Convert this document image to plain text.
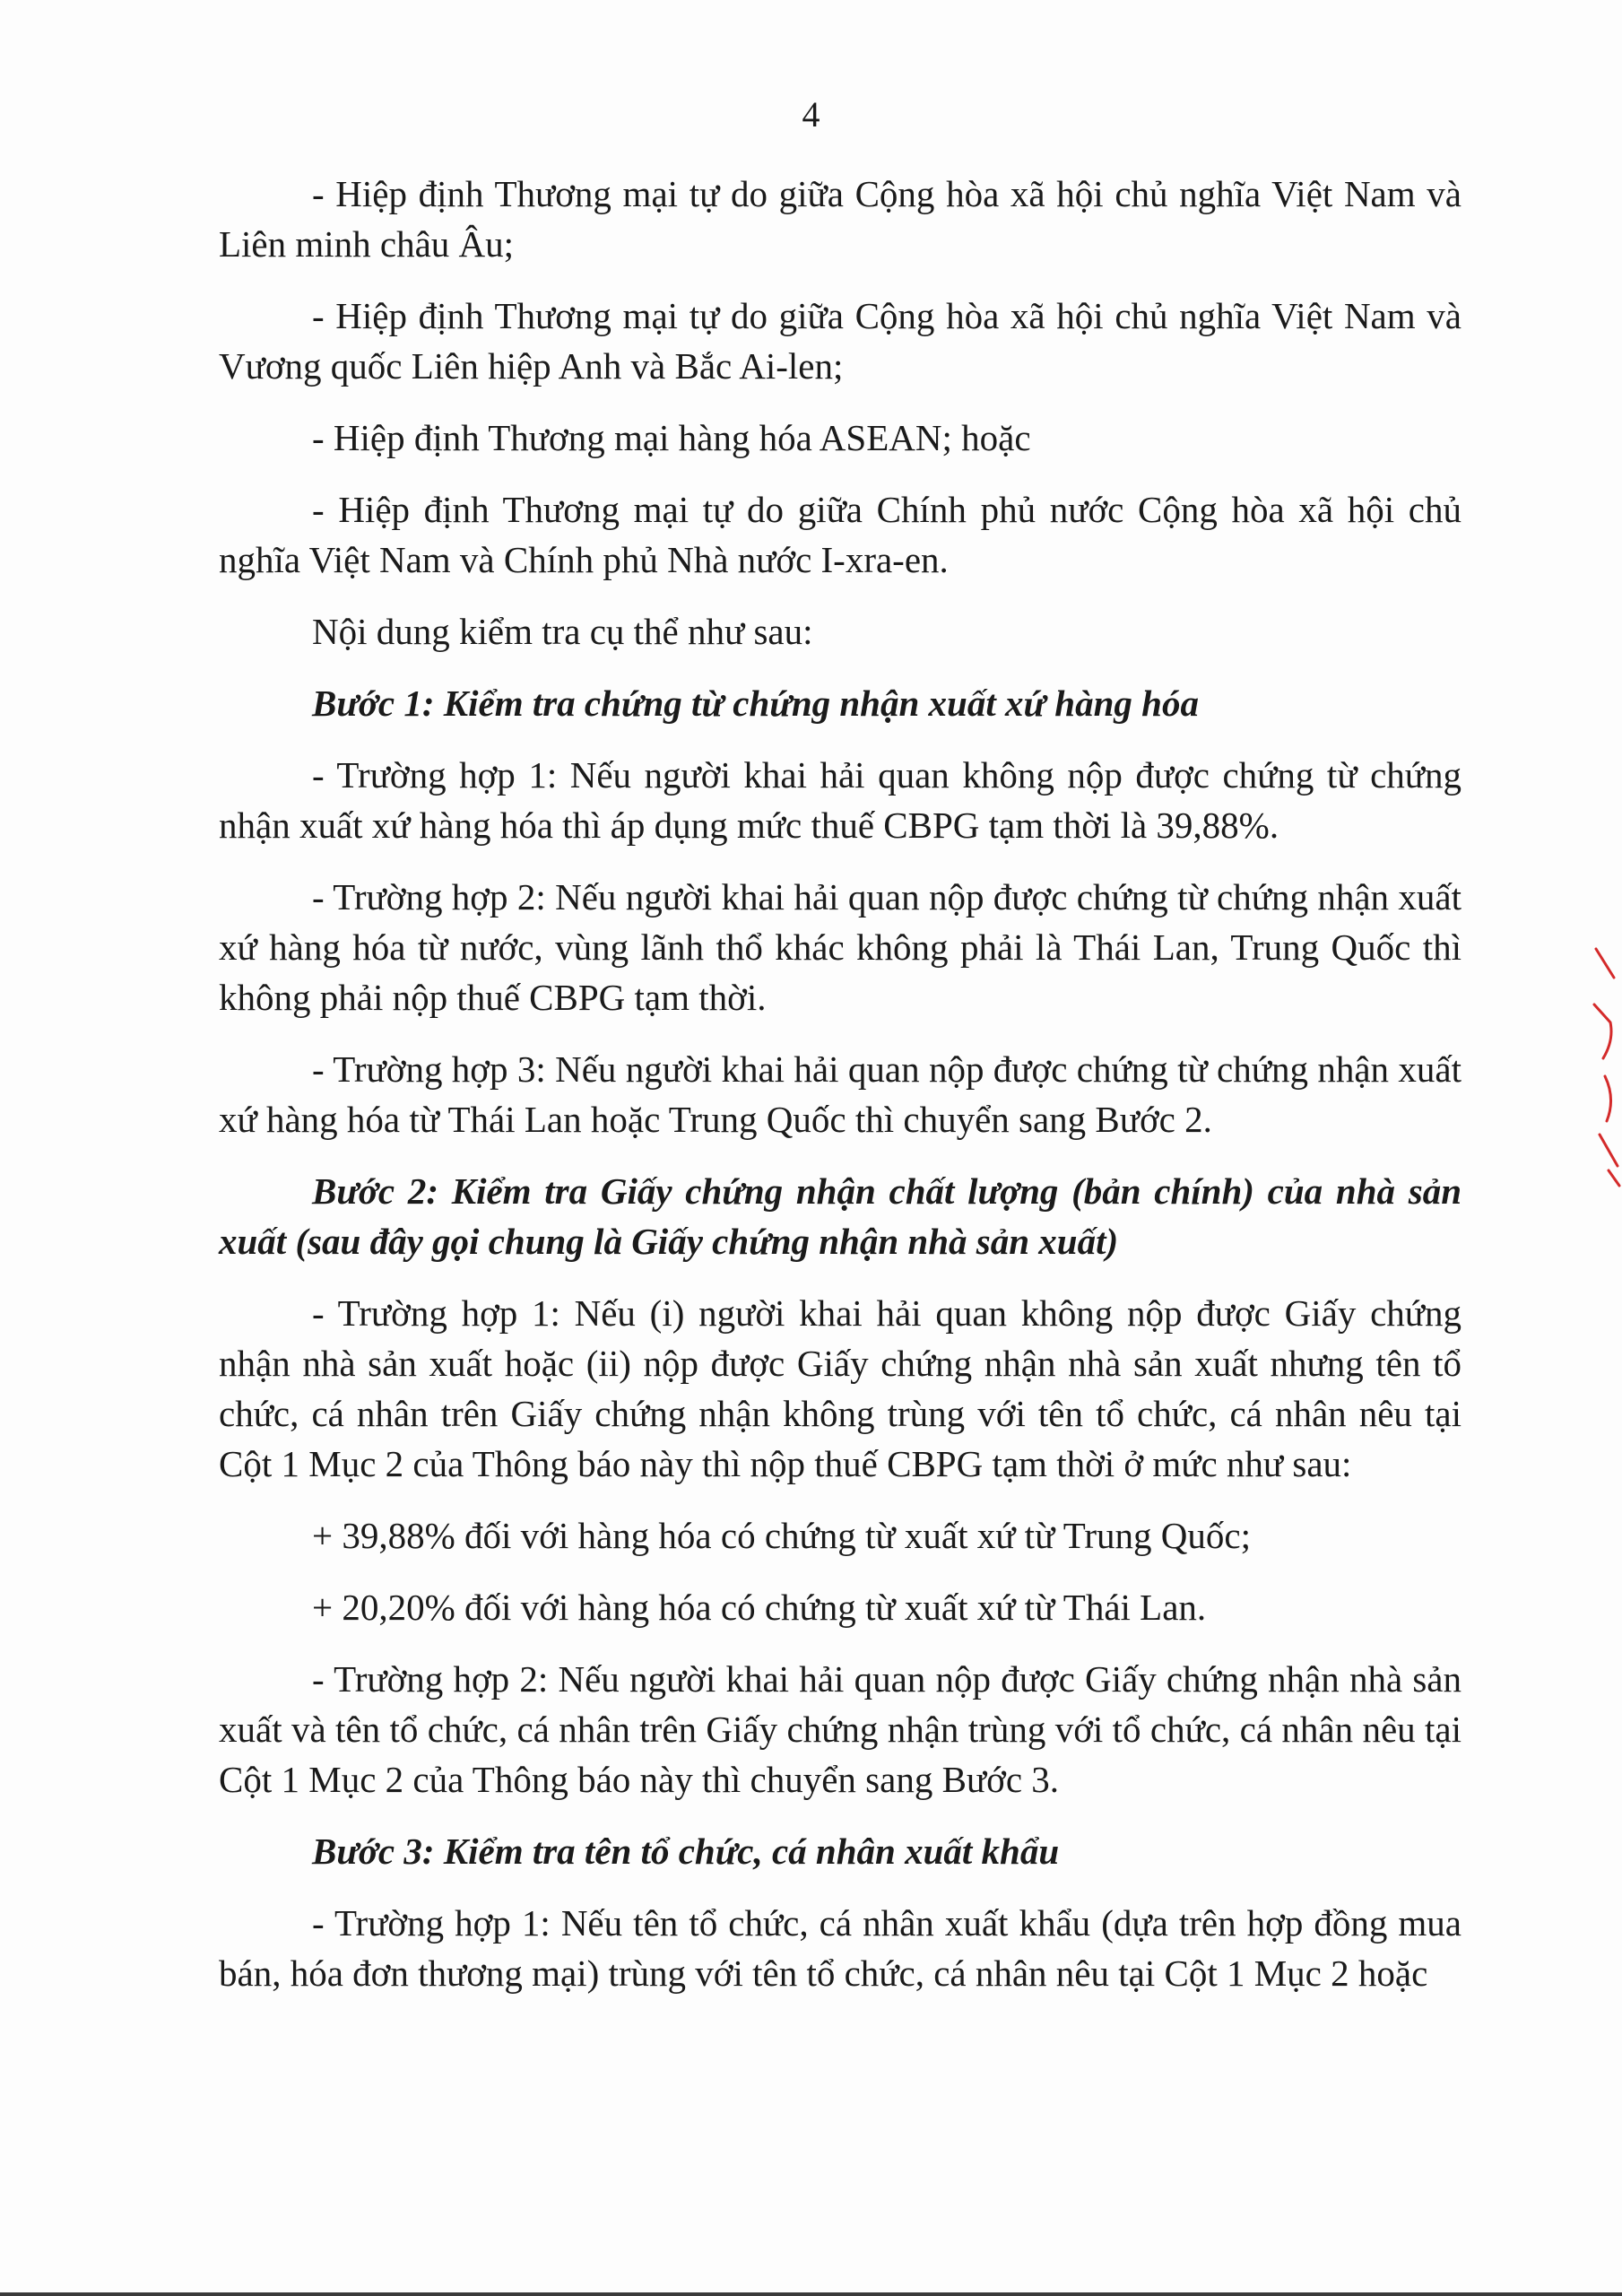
4

- Hiệp định Thương mại tự do giữa Cộng hòa xã hội chủ nghĩa Việt Nam và Liên minh châu Âu;

- Hiệp định Thương mại tự do giữa Cộng hòa xã hội chủ nghĩa Việt Nam và Vương quốc Liên hiệp Anh và Bắc Ai-len;

- Hiệp định Thương mại hàng hóa ASEAN; hoặc

- Hiệp định Thương mại tự do giữa Chính phủ nước Cộng hòa xã hội chủ nghĩa Việt Nam và Chính phủ Nhà nước I-xra-en.

Nội dung kiểm tra cụ thể như sau:

Bước 1: Kiểm tra chứng từ chứng nhận xuất xứ hàng hóa

- Trường hợp 1: Nếu người khai hải quan không nộp được chứng từ chứng nhận xuất xứ hàng hóa thì áp dụng mức thuế CBPG tạm thời là 39,88%.

- Trường hợp 2: Nếu người khai hải quan nộp được chứng từ chứng nhận xuất xứ hàng hóa từ nước, vùng lãnh thổ khác không phải là Thái Lan, Trung Quốc thì không phải nộp thuế CBPG tạm thời.

- Trường hợp 3: Nếu người khai hải quan nộp được chứng từ chứng nhận xuất xứ hàng hóa từ Thái Lan hoặc Trung Quốc thì chuyển sang Bước 2.

Bước 2: Kiểm tra Giấy chứng nhận chất lượng (bản chính) của nhà sản xuất (sau đây gọi chung là Giấy chứng nhận nhà sản xuất)

- Trường hợp 1: Nếu (i) người khai hải quan không nộp được Giấy chứng nhận nhà sản xuất hoặc (ii) nộp được Giấy chứng nhận nhà sản xuất nhưng tên tổ chức, cá nhân trên Giấy chứng nhận không trùng với tên tổ chức, cá nhân nêu tại Cột 1 Mục 2 của Thông báo này thì nộp thuế CBPG tạm thời ở mức như sau:

+ 39,88% đối với hàng hóa có chứng từ xuất xứ từ Trung Quốc;

+ 20,20% đối với hàng hóa có chứng từ xuất xứ từ Thái Lan.

- Trường hợp 2: Nếu người khai hải quan nộp được Giấy chứng nhận nhà sản xuất và tên tổ chức, cá nhân trên Giấy chứng nhận trùng với tổ chức, cá nhân nêu tại Cột 1 Mục 2 của Thông báo này thì chuyển sang Bước 3.

Bước 3: Kiểm tra tên tổ chức, cá nhân xuất khẩu

- Trường hợp 1: Nếu tên tổ chức, cá nhân xuất khẩu (dựa trên hợp đồng mua bán, hóa đơn thương mại) trùng với tên tổ chức, cá nhân nêu tại Cột 1 Mục 2 hoặc
